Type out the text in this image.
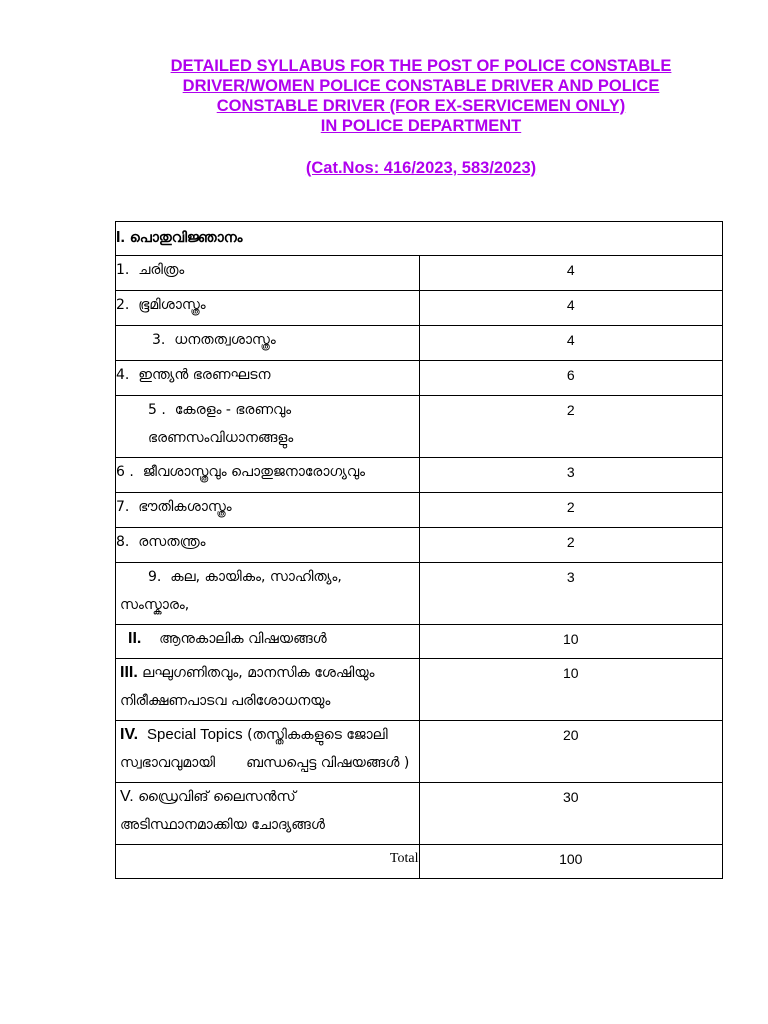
DETAILED SYLLABUS FOR THE POST OF POLICE CONSTABLE
DRIVER/WOMEN POLICE CONSTABLE DRIVER AND POLICE
CONSTABLE DRIVER (FOR EX-SERVICEMEN ONLY)
IN POLICE DEPARTMENT
(Cat.Nos: 416/2023, 583/2023)
I. പൊതുവിജ്ഞാനം	
1. ചരിത്രം	4
2. ഭൂമിശാസ്ത്രം	4
3. ധനതത്വശാസ്ത്രം	4
4. ഇന്ത്യൻ ഭരണഘടന	6

5 . കേരളം - ഭരണവും
ഭരണസംവിധാനങ്ങളും	2
6 . ജീവശാസ്ത്രവും പൊതുജനാരോഗ്യവും	3
7. ഭൗതികശാസ്ത്രം	2
8. രസതന്ത്രം	2

9. കല, കായികം, സാഹിത്യം,
സംസ്കാരം,	3
II. ആനുകാലിക വിഷയങ്ങൾ	10

III. ലഘുഗണിതവും, മാനസിക ശേഷിയും
നിരീക്ഷണപാടവ പരിശോധനയും	10

IV. Special Topics (തസ്തികകളുടെ ജോലി
സ്വഭാവവുമായി       ബന്ധപ്പെട്ട വിഷയങ്ങൾ )	20

V. ഡ്രൈവിങ് ലൈസൻസ്
അടിസ്ഥാനമാക്കിയ ചോദ്യങ്ങൾ	30
Total	100
